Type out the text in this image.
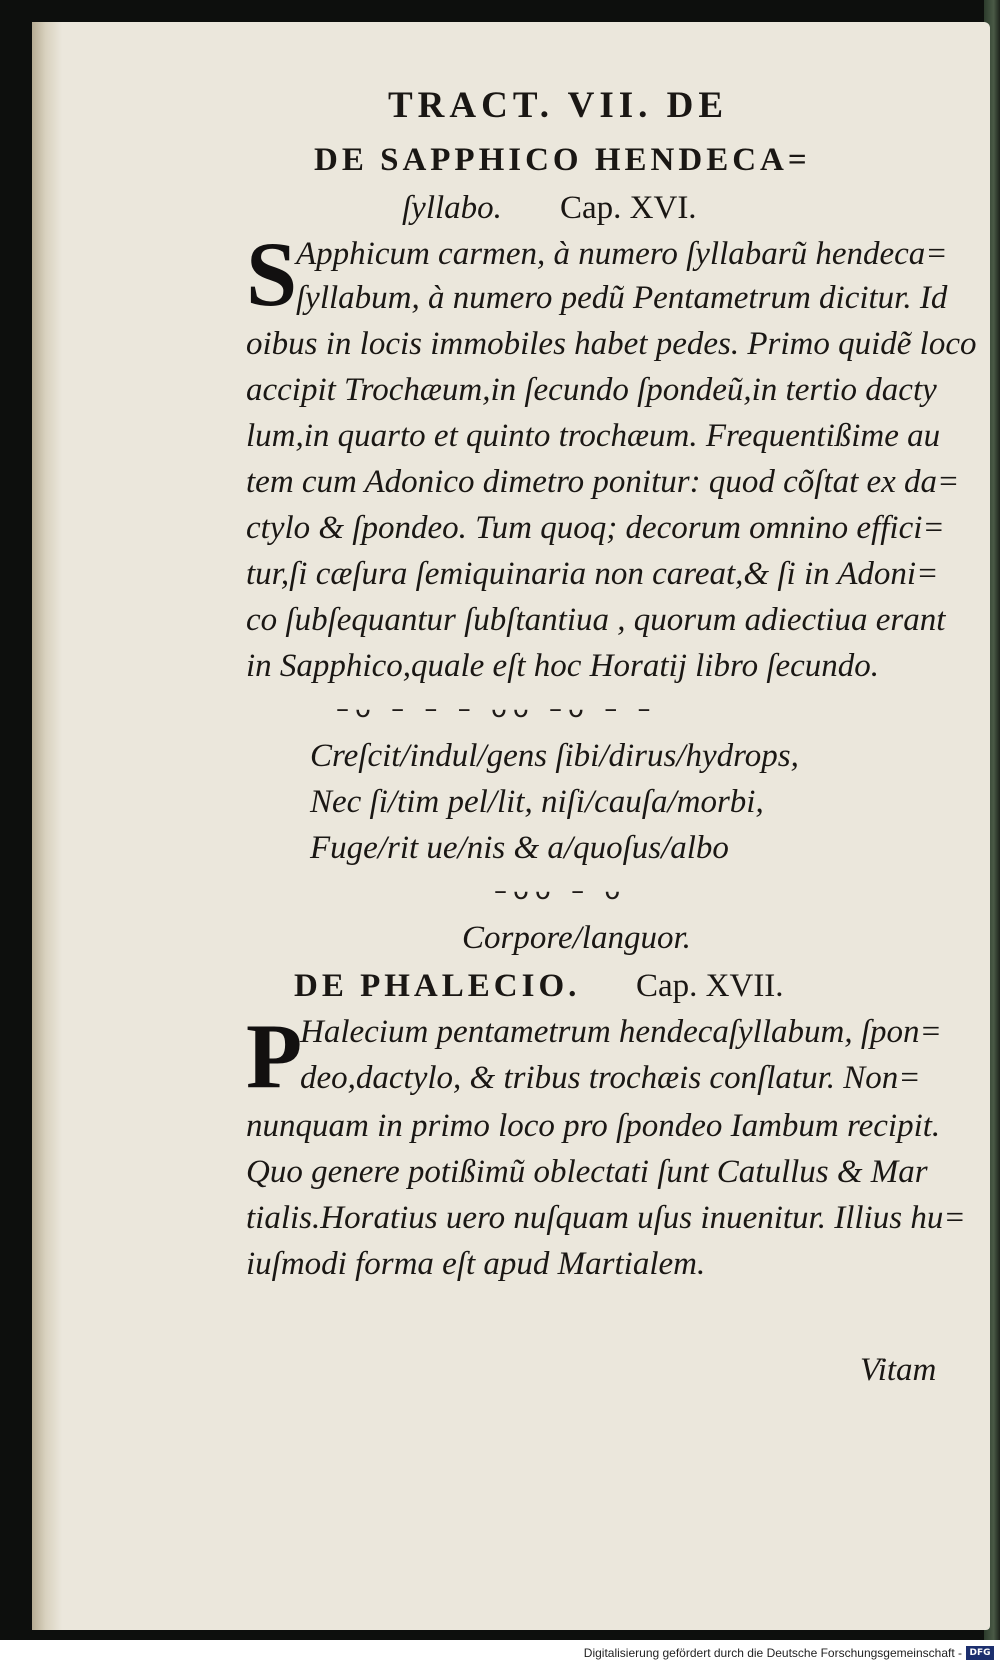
TRACT. VII. DE
DE SAPPHICO HENDECA=
ſyllabo. Cap. XVI.
S
Apphicum carmen, à numero ſyllabarũ hendeca=
ſyllabum, à numero pedũ Pentametrum dicitur. Id
oibus in locis immobiles habet pedes. Primo quidẽ loco
accipit Trochæum,in ſecundo ſpondeũ,in tertio dacty
lum,in quarto et quinto trochæum. Frequentißime au
tem cum Adonico dimetro ponitur: quod cõſtat ex da=
ctylo & ſpondeo. Tum quoq; decorum omnino effici=
tur,ſi cæſura ſemiquinaria non careat,& ſi in Adoni=
co ſubſequantur ſubſtantiua , quorum adiectiua erant
in Sapphico,quale eſt hoc Horatij libro ſecundo.
–ᴗ – – – ᴗᴗ –ᴗ – –
Creſcit/indul/gens ſibi/dirus/hydrops,
Nec ſi/tim pel/lit, niſi/cauſa/morbi,
Fuge/rit ue/nis & a/quoſus/albo
–ᴗᴗ – ᴗ
Corpore/languor.
DE PHALECIO. Cap. XVII.
P
Halecium pentametrum hendecaſyllabum, ſpon=
deo,dactylo, & tribus trochæis conſlatur. Non=
nunquam in primo loco pro ſpondeo Iambum recipit.
Quo genere potißimũ oblectati ſunt Catullus & Mar
tialis.Horatius uero nuſquam uſus inuenitur. Illius hu=
iuſmodi forma eſt apud Martialem.
Vitam
Digitalisierung gefördert durch die Deutsche Forschungsgemeinschaft - DFG
